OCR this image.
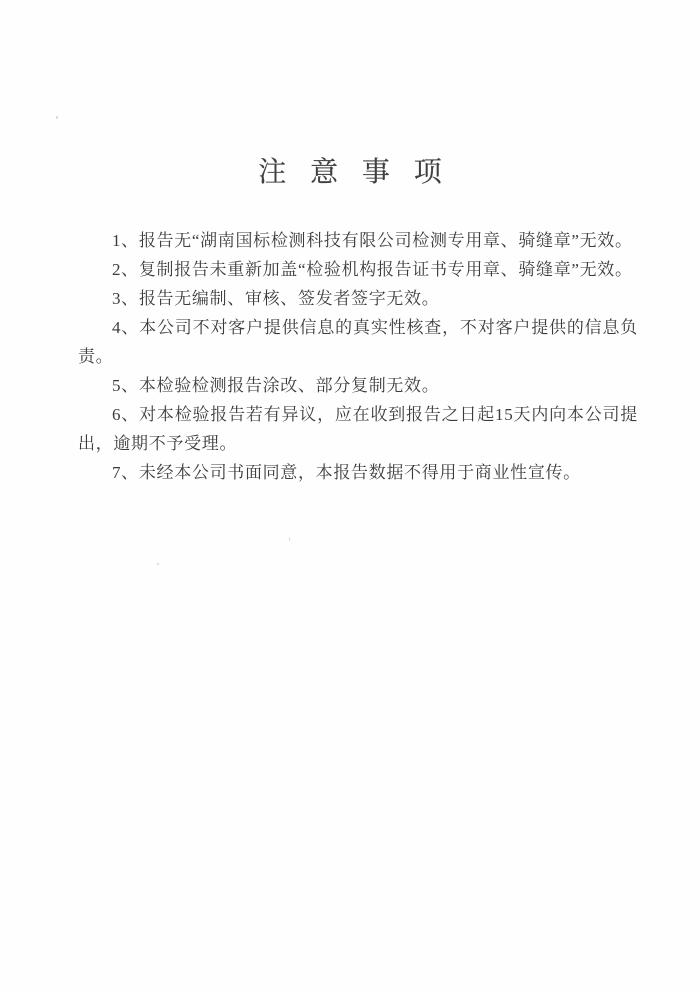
注意事项

1、报告无“湖南国标检测科技有限公司检测专用章、骑缝章”无效。

2、复制报告未重新加盖“检验机构报告证书专用章、骑缝章”无效。

3、报告无编制、审核、签发者签字无效。

4、本公司不对客户提供信息的真实性核查，不对客户提供的信息负责。

5、本检验检测报告涂改、部分复制无效。

6、对本检验报告若有异议，应在收到报告之日起15天内向本公司提出，逾期不予受理。

7、未经本公司书面同意，本报告数据不得用于商业性宣传。
